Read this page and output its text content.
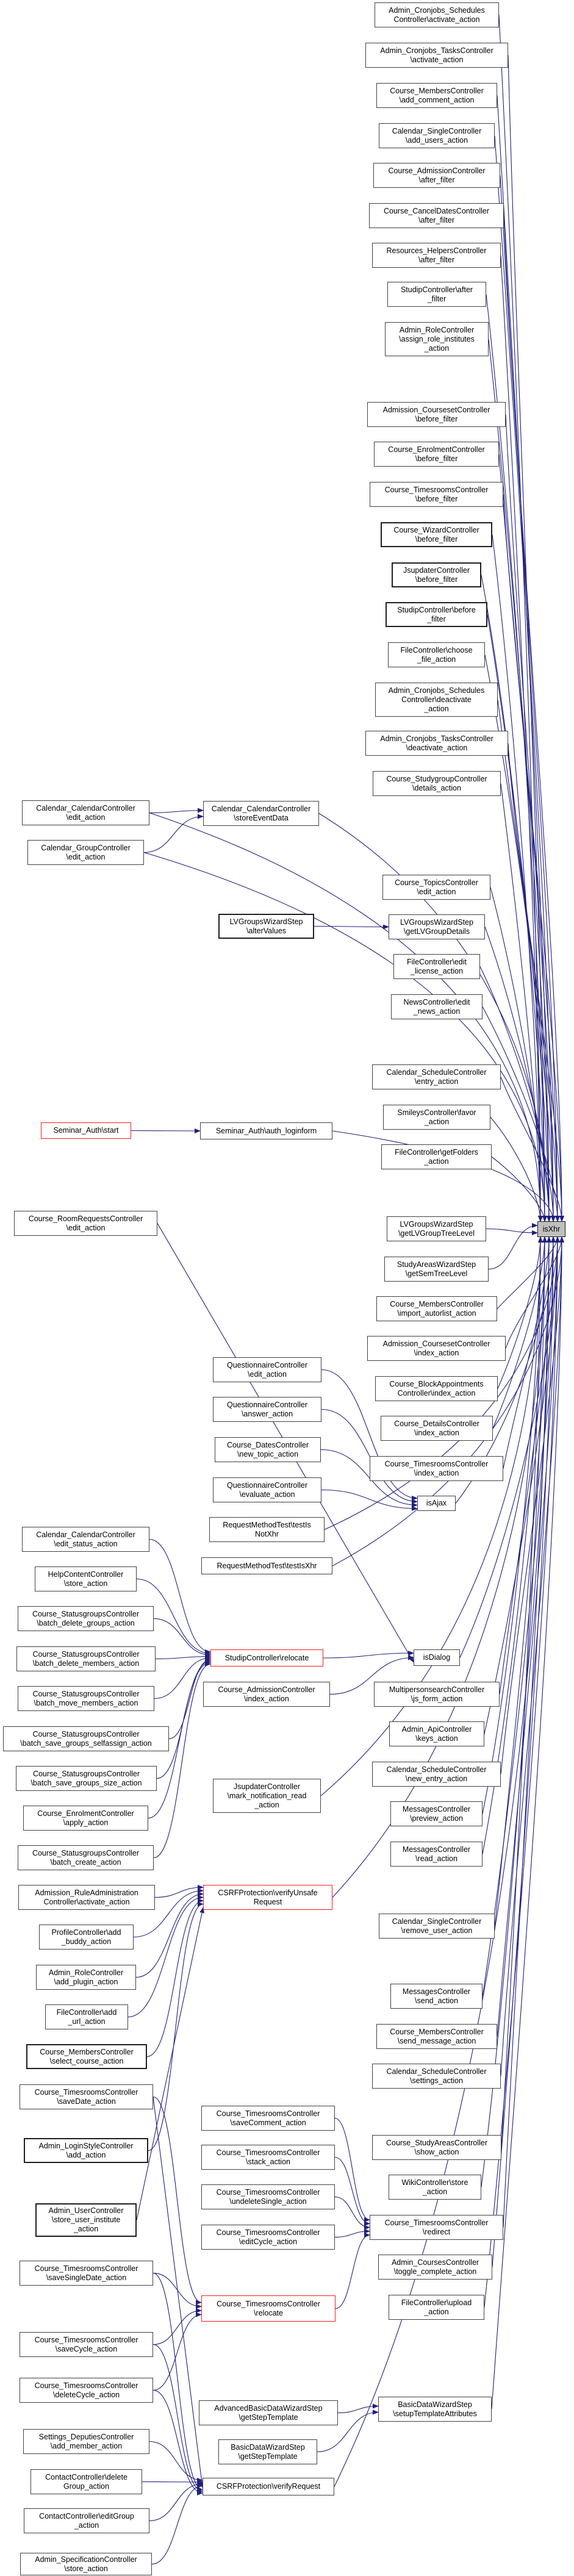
Admin_Cronjobs_Schedules
Controller\activate_action
Admin_Cronjobs_TasksController
\activate_action
Course_MembersController
\add_comment_action
Calendar_SingleController
\add_users_action
Course_AdmissionController
\after_filter
Course_CancelDatesController
\after_filter
Resources_HelpersController
\after_filter
StudipController\after
_filter
Admin_RoleController
\assign_role_institutes
_action
Admission_CoursesetController
\before_filter
Course_EnrolmentController
\before_filter
Course_TimesroomsController
\before_filter
Course_WizardController
\before_filter
JsupdaterController
\before_filter
StudipController\before
_filter
FileController\choose
_file_action
Admin_Cronjobs_Schedules
Controller\deactivate
_action
Admin_Cronjobs_TasksController
\deactivate_action
Course_StudygroupController
\details_action
Course_TopicsController
\edit_action
LVGroupsWizardStep
\getLVGroupDetails
FileController\edit
_license_action
NewsController\edit
_news_action
Calendar_ScheduleController
\entry_action
SmileysController\favor
_action
FileController\getFolders
_action
LVGroupsWizardStep
\getLVGroupTreeLevel
StudyAreasWizardStep
\getSemTreeLevel
Course_MembersController
\import_autorlist_action
Admission_CoursesetController
\index_action
Course_BlockAppointments
Controller\index_action
Course_DetailsController
\index_action
Course_TimesroomsController
\index_action
MultipersonsearchController
\js_form_action
Admin_ApiController
\keys_action
Calendar_ScheduleController
\new_entry_action
MessagesController
\preview_action
MessagesController
\read_action
Calendar_SingleController
\remove_user_action
MessagesController
\send_action
Course_MembersController
\send_message_action
Calendar_ScheduleController
\settings_action
Course_StudyAreasController
\show_action
WikiController\store
_action
Course_TimesroomsController
\redirect
Admin_CoursesController
\toggle_complete_action
FileController\upload
_action
BasicDataWizardStep
\setupTemplateAttributes
isXhr
isAjax
isDialog
Calendar_CalendarController
\storeEventData
LVGroupsWizardStep
\alterValues
Seminar_Auth\auth_loginform
QuestionnaireController
\edit_action
QuestionnaireController
\answer_action
Course_DatesController
\new_topic_action
QuestionnaireController
\evaluate_action
RequestMethodTest\testIs
NotXhr
RequestMethodTest\testIsXhr
StudipController\relocate
Course_AdmissionController
\index_action
JsupdaterController
\mark_notification_read
_action
CSRFProtection\verifyUnsafe
Request
Course_TimesroomsController
\saveComment_action
Course_TimesroomsController
\stack_action
Course_TimesroomsController
\undeleteSingle_action
Course_TimesroomsController
\editCycle_action
Course_TimesroomsController
\relocate
AdvancedBasicDataWizardStep
\getStepTemplate
BasicDataWizardStep
\getStepTemplate
CSRFProtection\verifyRequest
Calendar_CalendarController
\edit_action
Calendar_GroupController
\edit_action
Seminar_Auth\start
Course_RoomRequestsController
\edit_action
Calendar_CalendarController
\edit_status_action
HelpContentController
\store_action
Course_StatusgroupsController
\batch_delete_groups_action
Course_StatusgroupsController
\batch_delete_members_action
Course_StatusgroupsController
\batch_move_members_action
Course_StatusgroupsController
\batch_save_groups_selfassign_action
Course_StatusgroupsController
\batch_save_groups_size_action
Course_EnrolmentController
\apply_action
Course_StatusgroupsController
\batch_create_action
Admission_RuleAdministration
Controller\activate_action
ProfileController\add
_buddy_action
Admin_RoleController
\add_plugin_action
FileController\add
_url_action
Course_MembersController
\select_course_action
Course_TimesroomsController
\saveDate_action
Admin_LoginStyleController
\add_action
Admin_UserController
\store_user_institute
_action
Course_TimesroomsController
\saveSingleDate_action
Course_TimesroomsController
\saveCycle_action
Course_TimesroomsController
\deleteCycle_action
Settings_DeputiesController
\add_member_action
ContactController\delete
Group_action
ContactController\editGroup
_action
Admin_SpecificationController
\store_action
